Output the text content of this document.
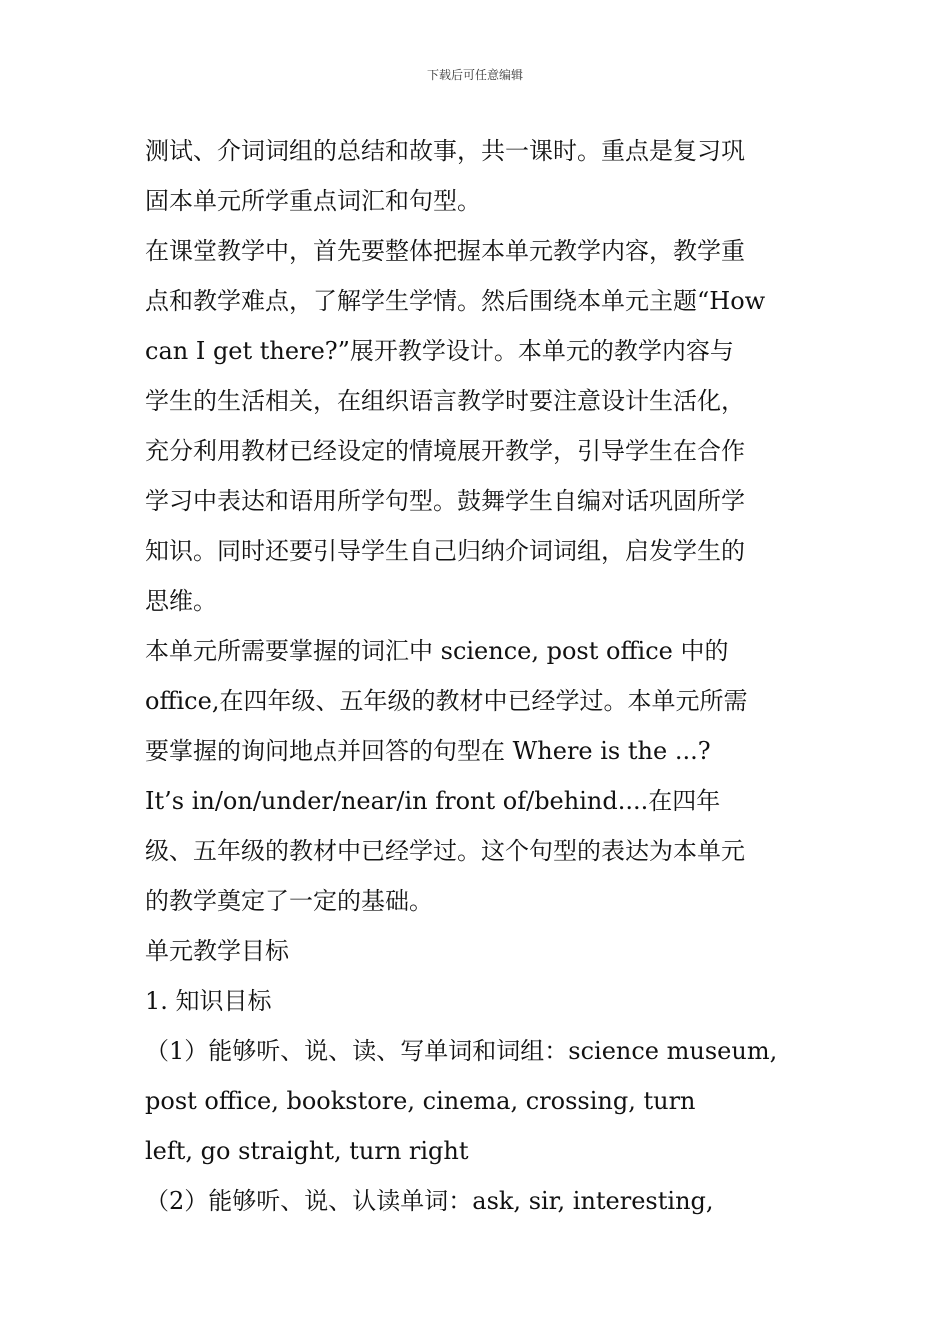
下载后可任意编辑
测试、介词词组的总结和故事，共一课时。重点是复习巩
固本单元所学重点词汇和句型。
在课堂教学中，首先要整体把握本单元教学内容，教学重
点和教学难点，了解学生学情。然后围绕本单元主题“How
can I get there?”展开教学设计。本单元的教学内容与
学生的生活相关，在组织语言教学时要注意设计生活化，
充分利用教材已经设定的情境展开教学，引导学生在合作
学习中表达和语用所学句型。鼓舞学生自编对话巩固所学
知识。同时还要引导学生自己归纳介词词组，启发学生的
思维。
本单元所需要掌握的词汇中 science, post office 中的
office,在四年级、五年级的教材中已经学过。本单元所需
要掌握的询问地点并回答的句型在 Where is the ...?
It’s in/on/under/near/in front of/behind....在四年
级、五年级的教材中已经学过。这个句型的表达为本单元
的教学奠定了一定的基础。
单元教学目标
1. 知识目标
（1）能够听、说、读、写单词和词组：science museum,
post office, bookstore, cinema, crossing, turn
left, go straight, turn right
（2）能够听、说、认读单词：ask, sir, interesting,
